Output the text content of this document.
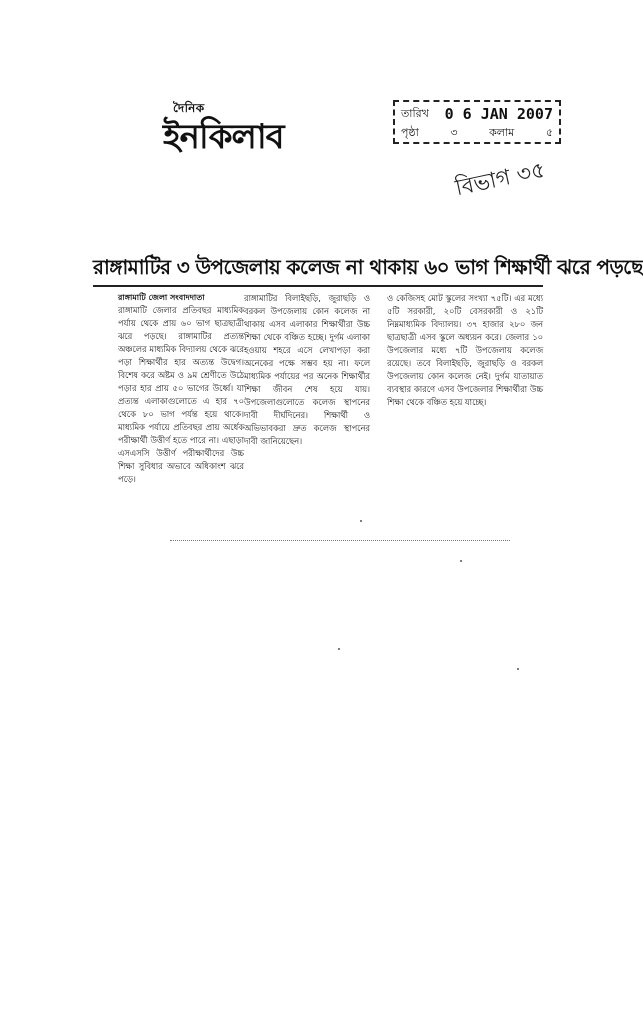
দৈনিক
ইনকিলাব
তারিখ 0 6 JAN 2007
পৃষ্ঠা	৩	কলাম	৫
বিভাগ ৩৫
রাঙ্গামাটির ৩ উপজেলায় কলেজ না থাকায় ৬০ ভাগ শিক্ষার্থী ঝরে পড়ছে
রাঙ্গামাটি জেলা সংবাদদাতা

রাঙ্গামাটি জেলার প্রতিবছর মাধ্যমিক পর্যায় থেকে প্রায় ৬০ ভাগ ছাত্রছাত্রী ঝরে পড়ছে। রাঙ্গামাটির প্রত্যন্ত অঞ্চলের মাধ্যমিক বিদ্যালয় থেকে ঝরে পড়া শিক্ষার্থীর হার অত্যন্ত উদ্বেগ। বিশেষ করে অষ্টম ও ৯ম শ্রেণীতে উঠে পড়ার হার প্রায় ৫০ ভাগের উর্ধ্বে। যা প্রত্যন্ত এলাকাগুলোতে এ হার ৭০ থেকে ৮০ ভাগ পর্যন্ত হয়ে থাকে। মাধ্যমিক পর্যায়ে প্রতিবছর প্রায় অর্ধেক পরীক্ষার্থী উত্তীর্ণ হতে পারে না। এছাড়া এসএসসি উত্তীর্ণ পরীক্ষার্থীদের উচ্চ শিক্ষা সুবিধার অভাবে অধিকাংশ ঝরে পড়ে।

রাঙ্গামাটির বিলাইছড়ি, জুরাছড়ি ও বরকল উপজেলায় কোন কলেজ না থাকায় এসব এলাকার শিক্ষার্থীরা উচ্চ শিক্ষা থেকে বঞ্চিত হচ্ছে। দুর্গম এলাকা হওয়ায় শহরে এসে লেখাপড়া করা অনেকের পক্ষে সম্ভব হয় না। ফলে মাধ্যমিক পর্যায়ের পর অনেক শিক্ষার্থীর শিক্ষা জীবন শেষ হয়ে যায়। উপজেলাগুলোতে কলেজ স্থাপনের দাবী দীর্ঘদিনের। শিক্ষার্থী ও অভিভাবকরা দ্রুত কলেজ স্থাপনের দাবী জানিয়েছেন।

ও কেজিসহ মোট স্কুলের সংখ্যা ৭৫টি। এর মধ্যে ৫টি সরকারী, ২০টি বেসরকারী ও ২১টি নিম্নমাধ্যমিক বিদ্যালয়। ৩৭ হাজার ২৮০ জন ছাত্রছাত্রী এসব স্কুলে অধ্যয়ন করে। জেলার ১০ উপজেলার মধ্যে ৭টি উপজেলায় কলেজ রয়েছে। তবে বিলাইছড়ি, জুরাছড়ি ও বরকল উপজেলায় কোন কলেজ নেই। দুর্গম যাতায়াত ব্যবস্থার কারণে এসব উপজেলার শিক্ষার্থীরা উচ্চ শিক্ষা থেকে বঞ্চিত হয়ে যাচ্ছে।
